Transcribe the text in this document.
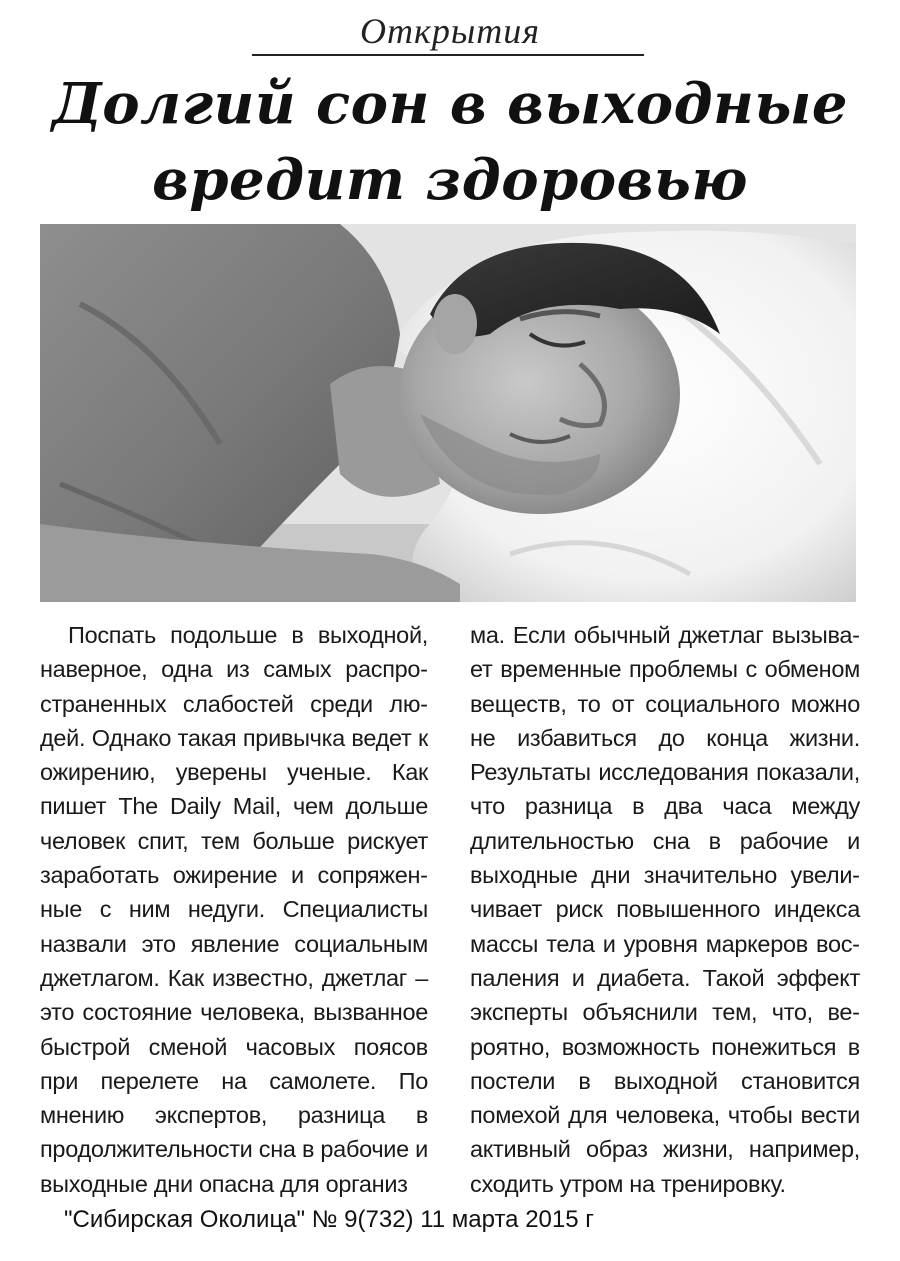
Открытия
Долгий сон в выходные вредит здоровью

Поспать подольше в выходной, наверное, одна из самых распространенных слабостей среди людей. Однако такая привычка ведет к ожирению, уверены ученые. Как пишет The Daily Mail, чем дольше человек спит, тем больше рискует заработать ожирение и сопряженные с ним недуги. Специалисты назвали это явление социальным джетлагом. Как известно, джетлаг – это состояние человека, вызванное быстрой сменой часовых поясов при перелете на самолете. По мнению экспертов, разница в продолжительности сна в рабочие и выходные дни опасна для организ

ма. Если обычный джетлаг вызывает временные проблемы с обменом веществ, то от социального можно не избавиться до конца жизни. Результаты исследования показали, что разница в два часа между длительностью сна в рабочие и выходные дни значительно увеличивает риск повышенного индекса массы тела и уровня маркеров воспаления и диабета. Такой эффект эксперты объяснили тем, что, вероятно, возможность понежиться в постели в выходной становится помехой для человека, чтобы вести активный образ жизни, например, сходить утром на тренировку.

"Сибирская Околица" № 9(732) 11 марта 2015 г
